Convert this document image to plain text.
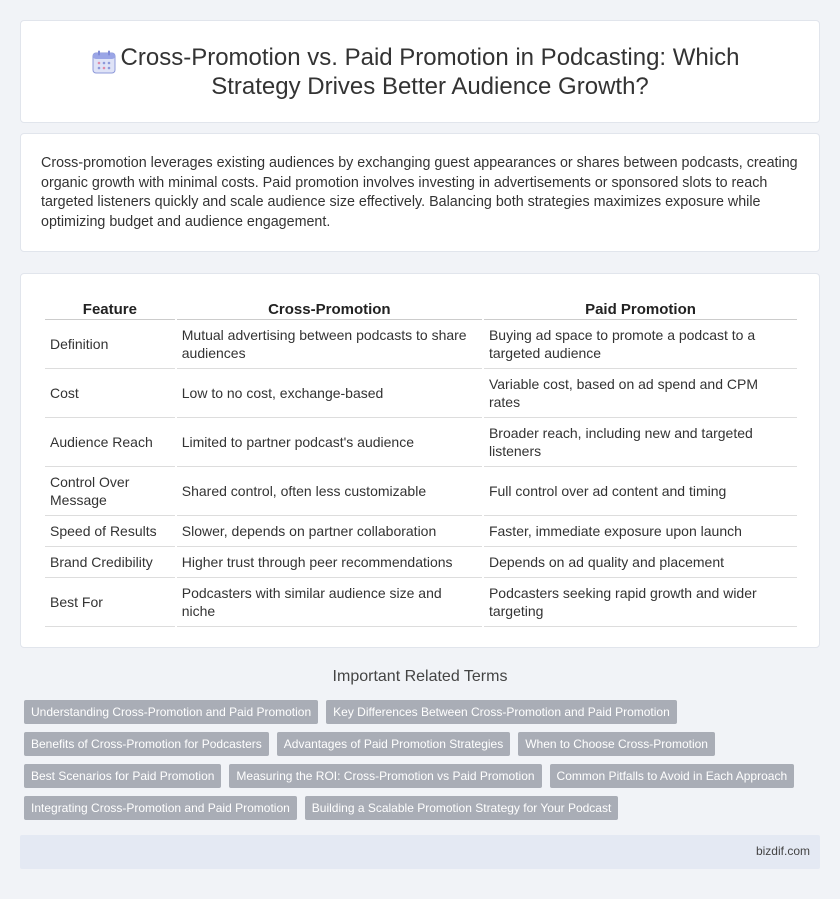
Cross-Promotion vs. Paid Promotion in Podcasting: Which Strategy Drives Better Audience Growth?

Cross-promotion leverages existing audiences by exchanging guest appearances or shares between podcasts, creating organic growth with minimal costs. Paid promotion involves investing in advertisements or sponsored slots to reach targeted listeners quickly and scale audience size effectively. Balancing both strategies maximizes exposure while optimizing budget and audience engagement.

Feature	Cross-Promotion	Paid Promotion
Definition	Mutual advertising between podcasts to share audiences	Buying ad space to promote a podcast to a targeted audience
Cost	Low to no cost, exchange-based	Variable cost, based on ad spend and CPM rates
Audience Reach	Limited to partner podcast's audience	Broader reach, including new and targeted listeners
Control Over Message	Shared control, often less customizable	Full control over ad content and timing
Speed of Results	Slower, depends on partner collaboration	Faster, immediate exposure upon launch
Brand Credibility	Higher trust through peer recommendations	Depends on ad quality and placement
Best For	Podcasters with similar audience size and niche	Podcasters seeking rapid growth and wider targeting
Important Related Terms
Understanding Cross-Promotion and Paid Promotion	Key Differences Between Cross-Promotion and Paid Promotion
Benefits of Cross-Promotion for Podcasters	Advantages of Paid Promotion Strategies	When to Choose Cross-Promotion
Best Scenarios for Paid Promotion	Measuring the ROI: Cross-Promotion vs Paid Promotion	Common Pitfalls to Avoid in Each Approach
Integrating Cross-Promotion and Paid Promotion	Building a Scalable Promotion Strategy for Your Podcast
bizdif.com
